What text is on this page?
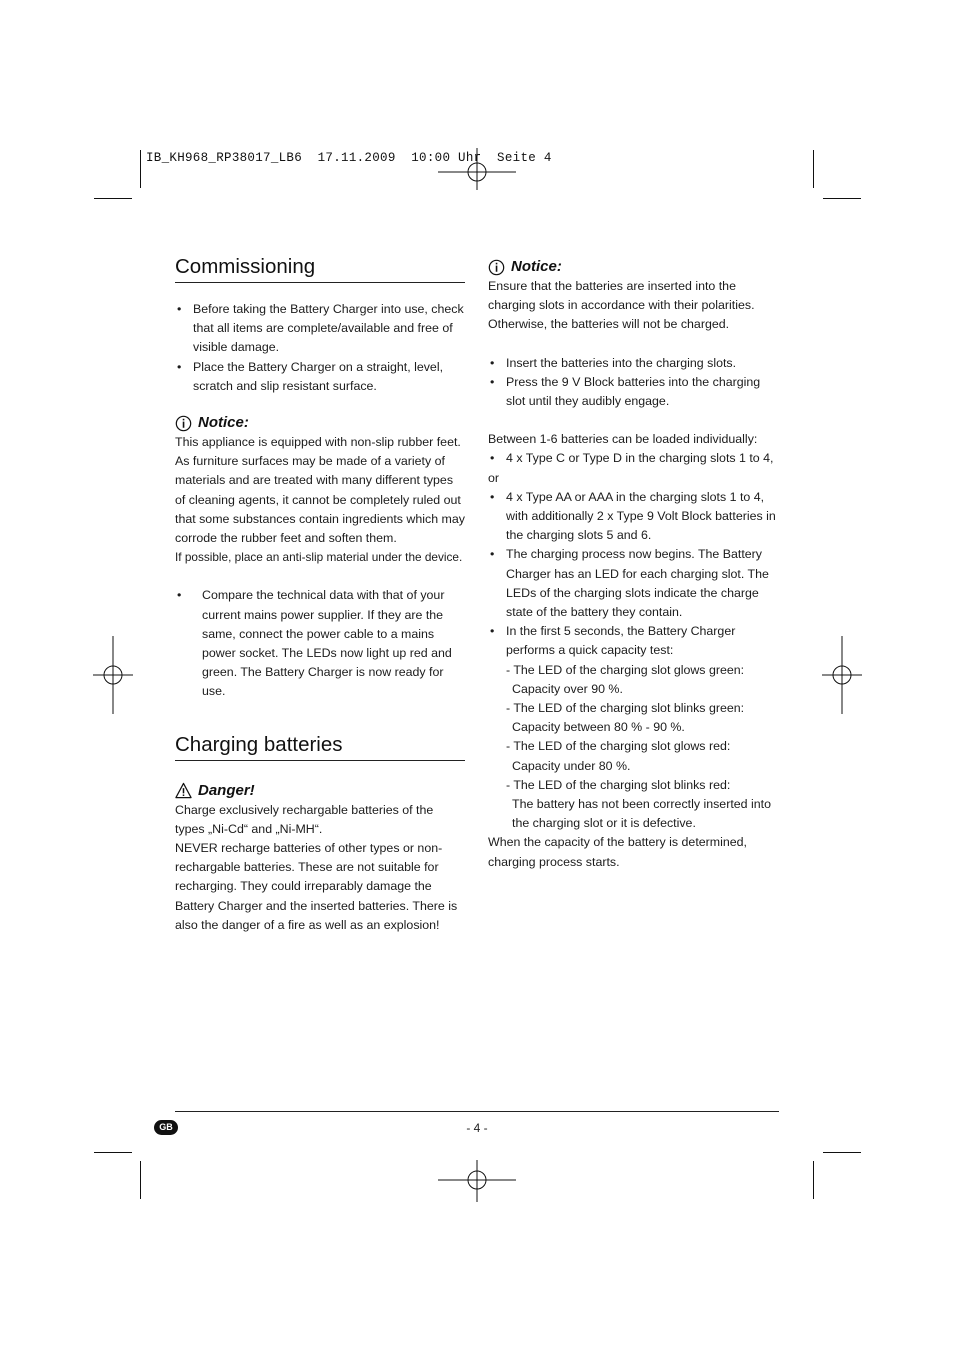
IB_KH968_RP38017_LB6  17.11.2009  10:00 Uhr  Seite 4
Commissioning
• Before taking the Battery Charger into use, check that all items are complete/available and free of visible damage.
• Place the Battery Charger on a straight, level, scratch and slip resistant surface.
Notice:

This appliance is equipped with non-slip rubber feet. As furniture surfaces may be made of a variety of materials and are treated with many different types of cleaning agents, it cannot be completely ruled out that some substances contain ingredients which may corrode the rubber feet and soften them.

If possible, place an anti-slip material under the device.

• Compare the technical data with that of your current mains power supplier. If they are the same, connect the power cable to a mains power socket. The LEDs now light up red and green. The Battery Charger is now ready for use.
Charging batteries
Danger!

Charge exclusively rechargable batteries of the types „Ni-Cd“ and „Ni-MH“.

NEVER recharge batteries of other types or non-rechargable batteries. These are not suitable for recharging. They could irreparably damage the Battery Charger and the inserted batteries. There is also the danger of a fire as well as an explosion!

Notice:

Ensure that the batteries are inserted into the charging slots in accordance with their polarities. Otherwise, the batteries will not be charged.

• Insert the batteries into the charging slots.
• Press the 9 V Block batteries into the charging slot until they audibly engage.

Between 1-6 batteries can be loaded individually:

• 4 x Type C or Type D in the charging slots 1 to 4,

or

• 4 x Type AA or AAA in the charging slots 1 to 4, with additionally 2 x Type 9 Volt Block batteries in the charging slots 5 and 6.
• The charging process now begins. The Battery Charger has an LED for each charging slot. The LEDs of the charging slots indicate the charge state of the battery they contain.
• In the first 5 seconds, the Battery Charger performs a quick capacity test:

- The LED of the charging slot glows green:

Capacity over 90 %.

- The LED of the charging slot blinks green:

Capacity between 80 % - 90 %.

- The LED of the charging slot glows red:

Capacity under 80 %.

- The LED of the charging slot blinks red:

The battery has not been correctly inserted into the charging slot or it is defective.

When the capacity of the battery is determined, charging process starts.

GB	- 4 -
